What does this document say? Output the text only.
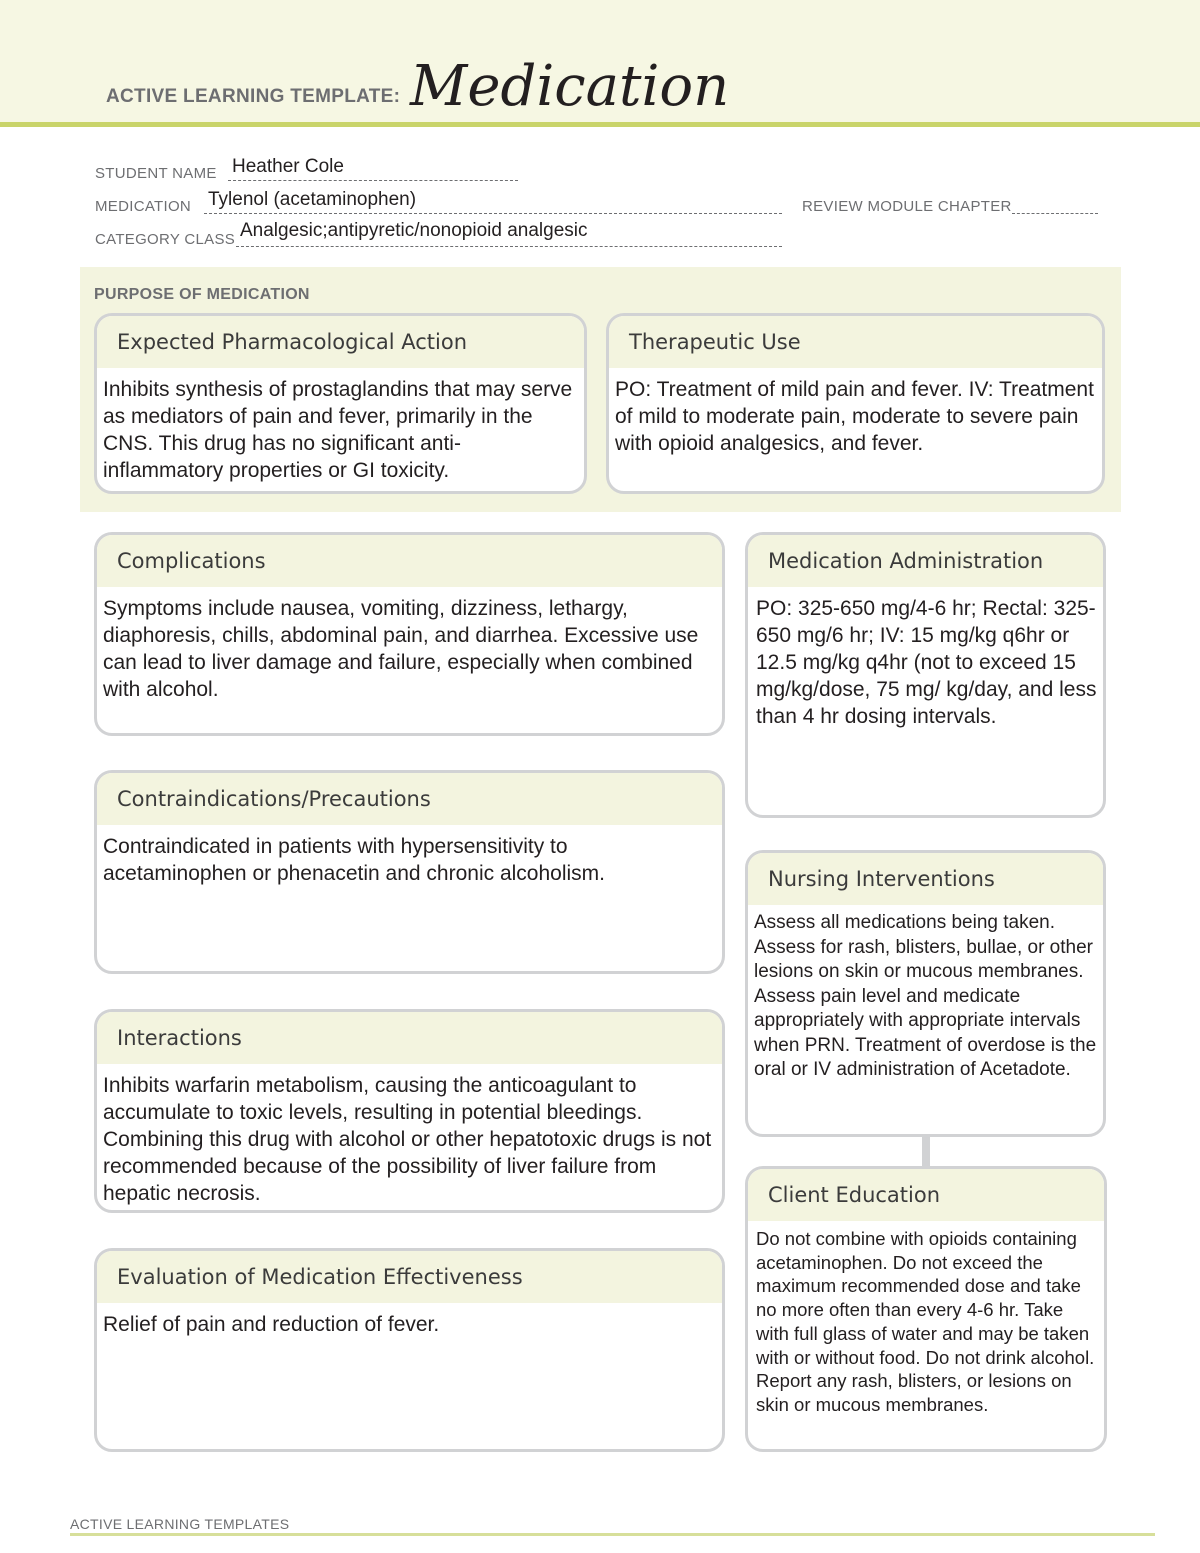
ACTIVE LEARNING TEMPLATE: Medication
STUDENT NAME Heather Cole
MEDICATION Tylenol (acetaminophen)	REVIEW MODULE CHAPTER
CATEGORY CLASS Analgesic;antipyretic/nonopioid analgesic
PURPOSE OF MEDICATION
Expected Pharmacological Action
Inhibits synthesis of prostaglandins that may serve as mediators of pain and fever, primarily in the CNS. This drug has no significant anti-inflammatory properties or GI toxicity.
Therapeutic Use
PO: Treatment of mild pain and fever. IV: Treatment of mild to moderate pain, moderate to severe pain with opioid analgesics, and fever.
Complications
Symptoms include nausea, vomiting, dizziness, lethargy, diaphoresis, chills, abdominal pain, and diarrhea. Excessive use can lead to liver damage and failure, especially when combined with alcohol.
Contraindications/Precautions
Contraindicated in patients with hypersensitivity to acetaminophen or phenacetin and chronic alcoholism.
Interactions
Inhibits warfarin metabolism, causing the anticoagulant to accumulate to toxic levels, resulting in potential bleedings. Combining this drug with alcohol or other hepatotoxic drugs is not recommended because of the possibility of liver failure from hepatic necrosis.
Evaluation of Medication Effectiveness
Relief of pain and reduction of fever.
Medication Administration
PO: 325-650 mg/4-6 hr; Rectal: 325-650 mg/6 hr; IV: 15 mg/kg q6hr or 12.5 mg/kg q4hr (not to exceed 15 mg/kg/dose, 75 mg/ kg/day, and less than 4 hr dosing intervals.
Nursing Interventions
Assess all medications being taken. Assess for rash, blisters, bullae, or other lesions on skin or mucous membranes. Assess pain level and medicate appropriately with appropriate intervals when PRN. Treatment of overdose is the oral or IV administration of Acetadote.
Client Education
Do not combine with opioids containing acetaminophen. Do not exceed the maximum recommended dose and take no more often than every 4-6 hr. Take with full glass of water and may be taken with or without food. Do not drink alcohol. Report any rash, blisters, or lesions on skin or mucous membranes.
ACTIVE LEARNING TEMPLATES
